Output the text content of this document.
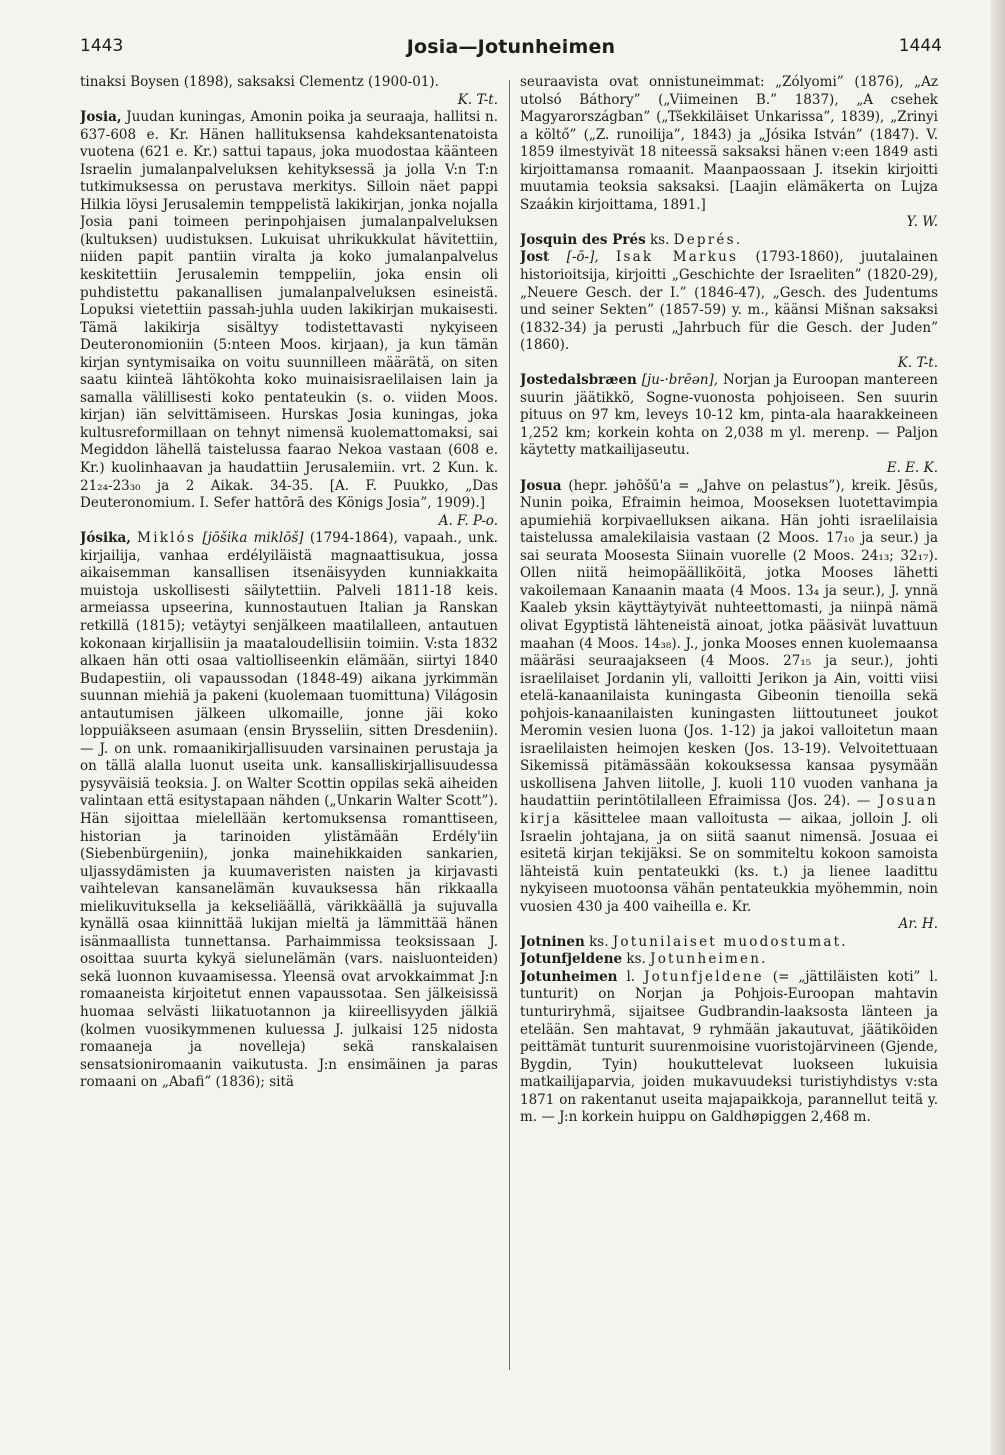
1443	Josia—Jotunheimen	1444
tinaksi Boysen (1898), saksaksi Clementz (1900-01).
K. T-t.
Josia, Juudan kuningas, Amonin poika ja seuraaja, hallitsi n. 637-608 e. Kr. Hänen hallituksensa kahdeksantenatoista vuotena (621 e. Kr.) sattui tapaus, joka muodostaa käänteen Israelin jumalanpalveluksen kehityksessä ja jolla V:n T:n tutkimuksessa on perustava merkitys. Silloin näet pappi Hilkia löysi Jerusalemin temppelistä lakikirjan, jonka nojalla Josia pani toimeen perinpohjaisen jumalanpalveluksen (kultuksen) uudistuksen. Lukuisat uhrikukkulat hävitettiin, niiden papit pantiin viralta ja koko jumalanpalvelus keskitettiin Jerusalemin temppeliin, joka ensin oli puhdistettu pakanallisen jumalanpalveluksen esineistä. Lopuksi vietettiin passah-juhla uuden lakikirjan mukaisesti. Tämä lakikirja sisältyy todistettavasti nykyiseen Deuteronomioniin (5:nteen Moos. kirjaan), ja kun tämän kirjan syntymisaika on voitu suunnilleen määrätä, on siten saatu kiinteä lähtökohta koko muinaisisraelilaisen lain ja samalla välillisesti koko pentateukin (s. o. viiden Moos. kirjan) iän selvittämiseen. Hurskas Josia kuningas, joka kultusreformillaan on tehnyt nimensä kuolemattomaksi, sai Megiddon lähellä taistelussa faarao Nekoa vastaan (608 e. Kr.) kuolinhaavan ja haudattiin Jerusalemiin. vrt. 2 Kun. k. 21₂₄-23₃₀ ja 2 Aikak. 34-35. [A. F. Puukko, „Das Deuteronomium. I. Sefer hattōrā des Königs Josia”, 1909).]
A. F. P-o.
Jósika, Miklós [jōšika miklōš] (1794-1864), vapaah., unk. kirjailija, vanhaa erdélyiläistä magnaattisukua, jossa aikaisemman kansallisen itsenäisyyden kunniakkaita muistoja uskollisesti säilytettiin. Palveli 1811-18 keis. armeiassa upseerina, kunnostautuen Italian ja Ranskan retkillä (1815); vetäytyi senjälkeen maatilalleen, antautuen kokonaan kirjallisiin ja maataloudellisiin toimiin. V:sta 1832 alkaen hän otti osaa valtiolliseenkin elämään, siirtyi 1840 Budapestiin, oli vapaussodan (1848-49) aikana jyrkimmän suunnan miehiä ja pakeni (kuolemaan tuomittuna) Világosin antautumisen jälkeen ulkomaille, jonne jäi koko loppuiäkseen asumaan (ensin Brysseliin, sitten Dresdeniin). — J. on unk. romaanikirjallisuuden varsinainen perustaja ja on tällä alalla luonut useita unk. kansalliskirjallisuudessa pysyväisiä teoksia. J. on Walter Scottin oppilas sekä aiheiden valintaan että esitystapaan nähden („Unkarin Walter Scott”). Hän sijoittaa mielellään kertomuksensa romanttiseen, historian ja tarinoiden ylistämään Erdély'iin (Siebenbürgeniin), jonka mainehikkaiden sankarien, uljassydämisten ja kuumaveristen naisten ja kirjavasti vaihtelevan kansanelämän kuvauksessa hän rikkaalla mielikuvituksella ja kekseliäällä, värikkäällä ja sujuvalla kynällä osaa kiinnittää lukijan mieltä ja lämmittää hänen isänmaallista tunnettansa. Parhaimmissa teoksissaan J. osoittaa suurta kykyä sielunelämän (vars. naisluonteiden) sekä luonnon kuvaamisessa. Yleensä ovat arvokkaimmat J:n romaaneista kirjoitetut ennen vapaussotaa. Sen jälkeisissä huomaa selvästi liikatuotannon ja kiireellisyyden jälkiä (kolmen vuosikymmenen kuluessa J. julkaisi 125 nidosta romaaneja ja novelleja) sekä ranskalaisen sensatsioniromaanin vaikutusta. J:n ensimäinen ja paras romaani on „Abafi” (1836); sitä
seuraavista ovat onnistuneimmat: „Zólyomi” (1876), „Az utolsó Báthory” („Viimeinen B.” 1837), „A csehek Magyarországban” („Tšekkiläiset Unkarissa”, 1839), „Zrinyi a költő” („Z. runoilija”, 1843) ja „Jósika István” (1847). V. 1859 ilmestyivät 18 niteessä saksaksi hänen v:een 1849 asti kirjoittamansa romaanit. Maanpaossaan J. itsekin kirjoitti muutamia teoksia saksaksi. [Laajin elämäkerta on Lujza Szaákin kirjoittama, 1891.]
Y. W.
Josquin des Prés ks. Deprés.
Jost [-ō-], Isak Markus (1793-1860), juutalainen historioitsija, kirjoitti „Geschichte der Israeliten” (1820-29), „Neuere Gesch. der I.” (1846-47), „Gesch. des Judentums und seiner Sekten” (1857-59) y. m., käänsi Mišnan saksaksi (1832-34) ja perusti „Jahrbuch für die Gesch. der Juden” (1860).
K. T-t.
Jostedalsbræen [ju-·brēən], Norjan ja Euroopan mantereen suurin jäätikkö, Sogne-vuonosta pohjoiseen. Sen suurin pituus on 97 km, leveys 10-12 km, pinta-ala haarakkeineen 1,252 km; korkein kohta on 2,038 m yl. merenp. — Paljon käytetty matkailijaseutu.
E. E. K.
Josua (hepr. jəhōšū'a = „Jahve on pelastus”), kreik. Jēsūs, Nunin poika, Efraimin heimoa, Mooseksen luotettavimpia apumiehiä korpivaelluksen aikana. Hän johti israelilaisia taistelussa amalekilaisia vastaan (2 Moos. 17₁₀ ja seur.) ja sai seurata Moosesta Siinain vuorelle (2 Moos. 24₁₃; 32₁₇). Ollen niitä heimopäälliköitä, jotka Mooses lähetti vakoilemaan Kanaanin maata (4 Moos. 13₄ ja seur.), J. ynnä Kaaleb yksin käyttäytyivät nuhteettomasti, ja niinpä nämä olivat Egyptistä lähteneistä ainoat, jotka pääsivät luvattuun maahan (4 Moos. 14₃₈). J., jonka Mooses ennen kuolemaansa määräsi seuraajakseen (4 Moos. 27₁₅ ja seur.), johti israelilaiset Jordanin yli, valloitti Jerikon ja Ain, voitti viisi etelä-kanaanilaista kuningasta Gibeonin tienoilla sekä pohjois-kanaanilaisten kuningasten liittoutuneet joukot Meromin vesien luona (Jos. 1-12) ja jakoi valloitetun maan israelilaisten heimojen kesken (Jos. 13-19). Velvoitettuaan Sikemissä pitämässään kokouksessa kansaa pysymään uskollisena Jahven liitolle, J. kuoli 110 vuoden vanhana ja haudattiin perintötilalleen Efraimissa (Jos. 24). — Josuan kirja käsittelee maan valloitusta — aikaa, jolloin J. oli Israelin johtajana, ja on siitä saanut nimensä. Josuaa ei esitetä kirjan tekijäksi. Se on sommiteltu kokoon samoista lähteistä kuin pentateukki (ks. t.) ja lienee laadittu nykyiseen muotoonsa vähän pentateukkia myöhemmin, noin vuosien 430 ja 400 vaiheilla e. Kr.
Ar. H.
Jotninen ks. Jotunilaiset muodostumat.
Jotunfjeldene ks. Jotunheimen.
Jotunheimen l. Jotunfjeldene (= „jättiläisten koti” l. tunturit) on Norjan ja Pohjois-Euroopan mahtavin tunturiryhmä, sijaitsee Gudbrandin-laaksosta länteen ja etelään. Sen mahtavat, 9 ryhmään jakautuvat, jäätiköiden peittämät tunturit suurenmoisine vuoristojärvineen (Gjende, Bygdin, Tyin) houkuttelevat luokseen lukuisia matkailijaparvia, joiden mukavuudeksi turistiyhdistys v:sta 1871 on rakentanut useita majapaikkoja, parannellut teitä y. m. — J:n korkein huippu on Galdhøpiggen 2,468 m.
